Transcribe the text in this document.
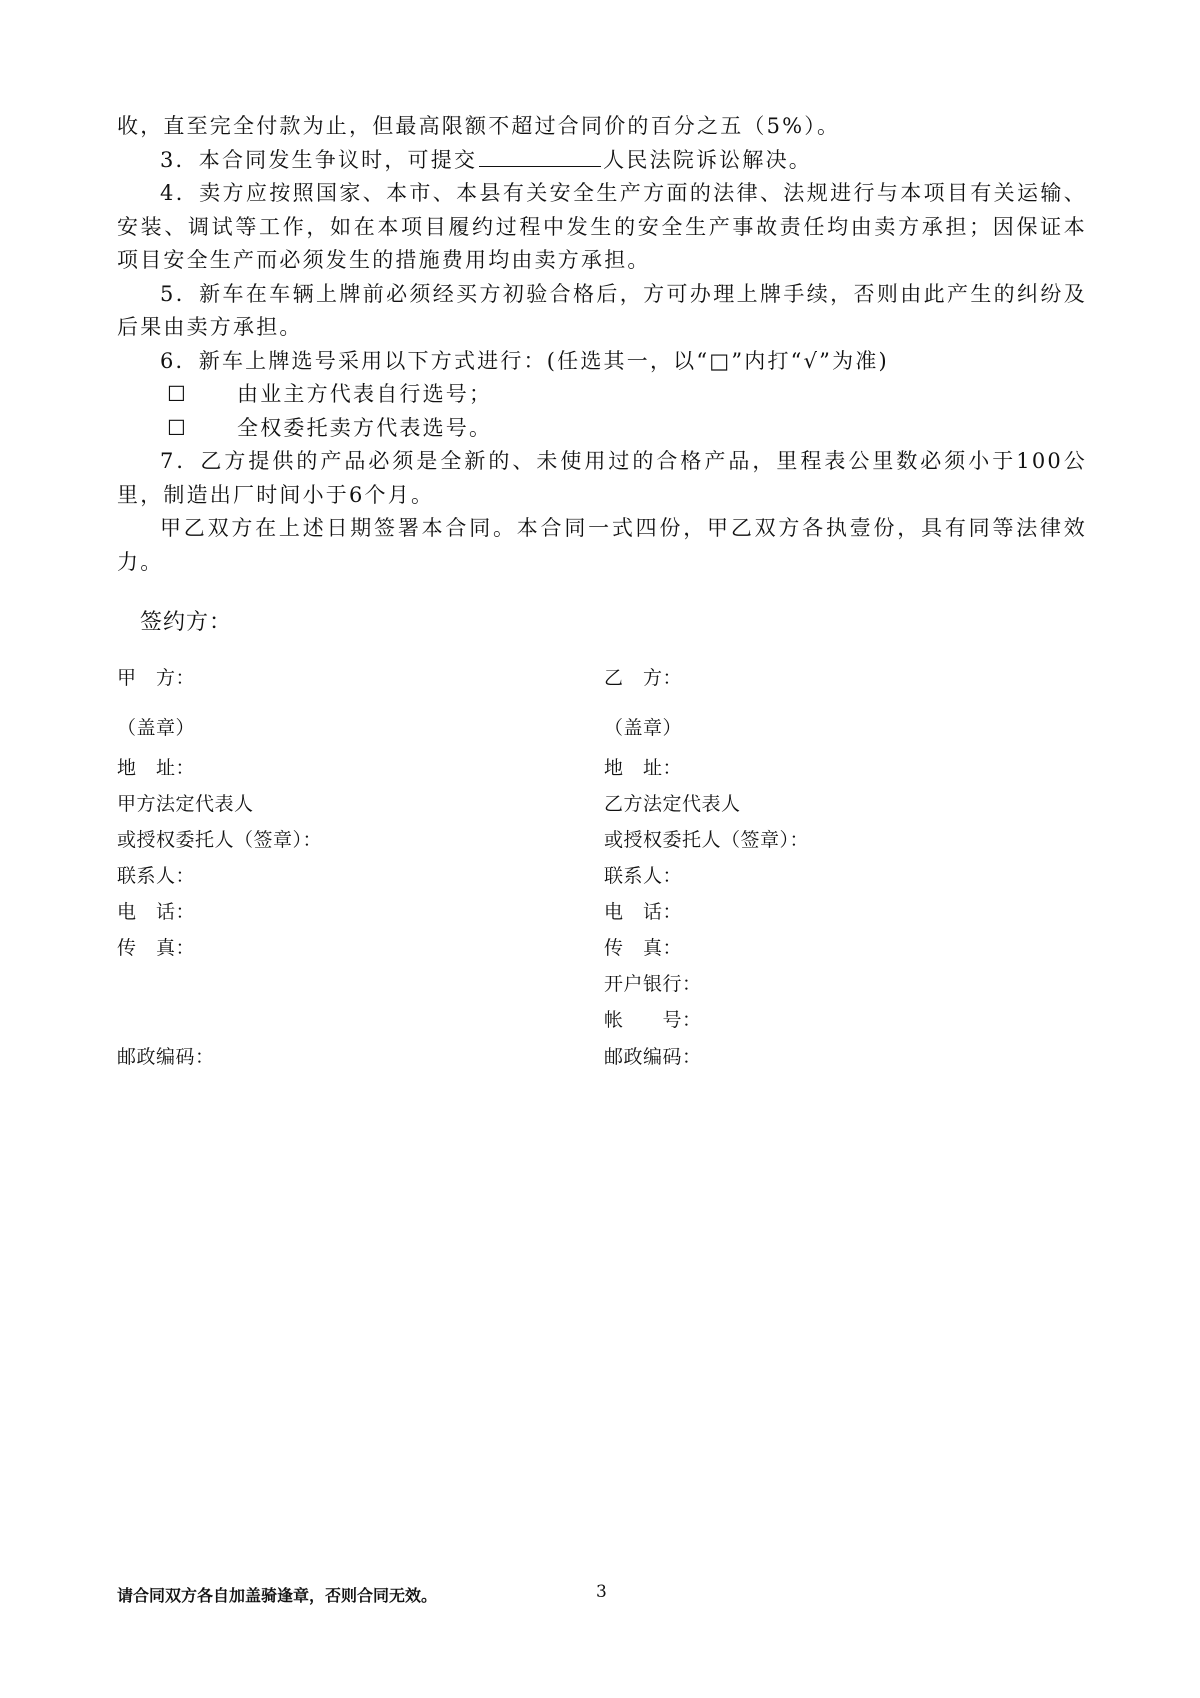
收，直至完全付款为止，但最高限额不超过合同价的百分之五（5%）。

3．本合同发生争议时，可提交	人民法院诉讼解决。

4．卖方应按照国家、本市、本县有关安全生产方面的法律、法规进行与本项目有关运输、安装、调试等工作，如在本项目履约过程中发生的安全生产事故责任均由卖方承担；因保证本项目安全生产而必须发生的措施费用均由卖方承担。

5．新车在车辆上牌前必须经买方初验合格后，方可办理上牌手续，否则由此产生的纠纷及后果由卖方承担。

6．新车上牌选号采用以下方式进行：(任选其一，以“□”内打“√”为准)

☐ 由业主方代表自行选号；
☐ 全权委托卖方代表选号。

7．乙方提供的产品必须是全新的、未使用过的合格产品，里程表公里数必须小于100公里，制造出厂时间小于6个月。

甲乙双方在上述日期签署本合同。本合同一式四份，甲乙双方各执壹份，具有同等法律效力。

签约方：
甲　方：
（盖章）
地　址：
甲方法定代表人
或授权委托人（签章）：
联系人：
电　话：
传　真：
邮政编码：
乙　方：
（盖章）
地　址：
乙方法定代表人
或授权委托人（签章）：
联系人：
电　话：
传　真：
开户银行：
帐　　号：
邮政编码：
请合同双方各自加盖骑逢章，否则合同无效。	3
